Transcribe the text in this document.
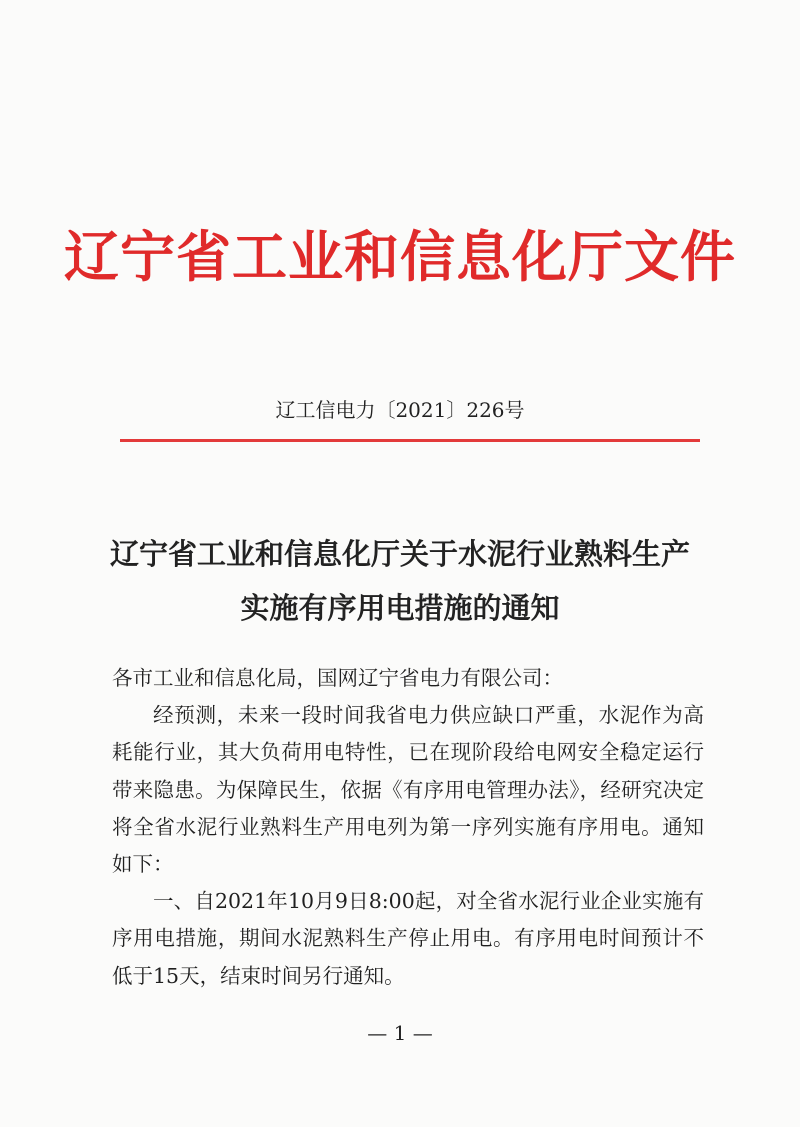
辽宁省工业和信息化厅文件
辽工信电力〔2021〕226号
辽宁省工业和信息化厅关于水泥行业熟料生产
实施有序用电措施的通知

各市工业和信息化局，国网辽宁省电力有限公司：

经预测，未来一段时间我省电力供应缺口严重，水泥作为高耗能行业，其大负荷用电特性，已在现阶段给电网安全稳定运行带来隐患。为保障民生，依据《有序用电管理办法》，经研究决定将全省水泥行业熟料生产用电列为第一序列实施有序用电。通知如下：

一、自2021年10月9日8:00起，对全省水泥行业企业实施有序用电措施，期间水泥熟料生产停止用电。有序用电时间预计不低于15天，结束时间另行通知。

— 1 —
